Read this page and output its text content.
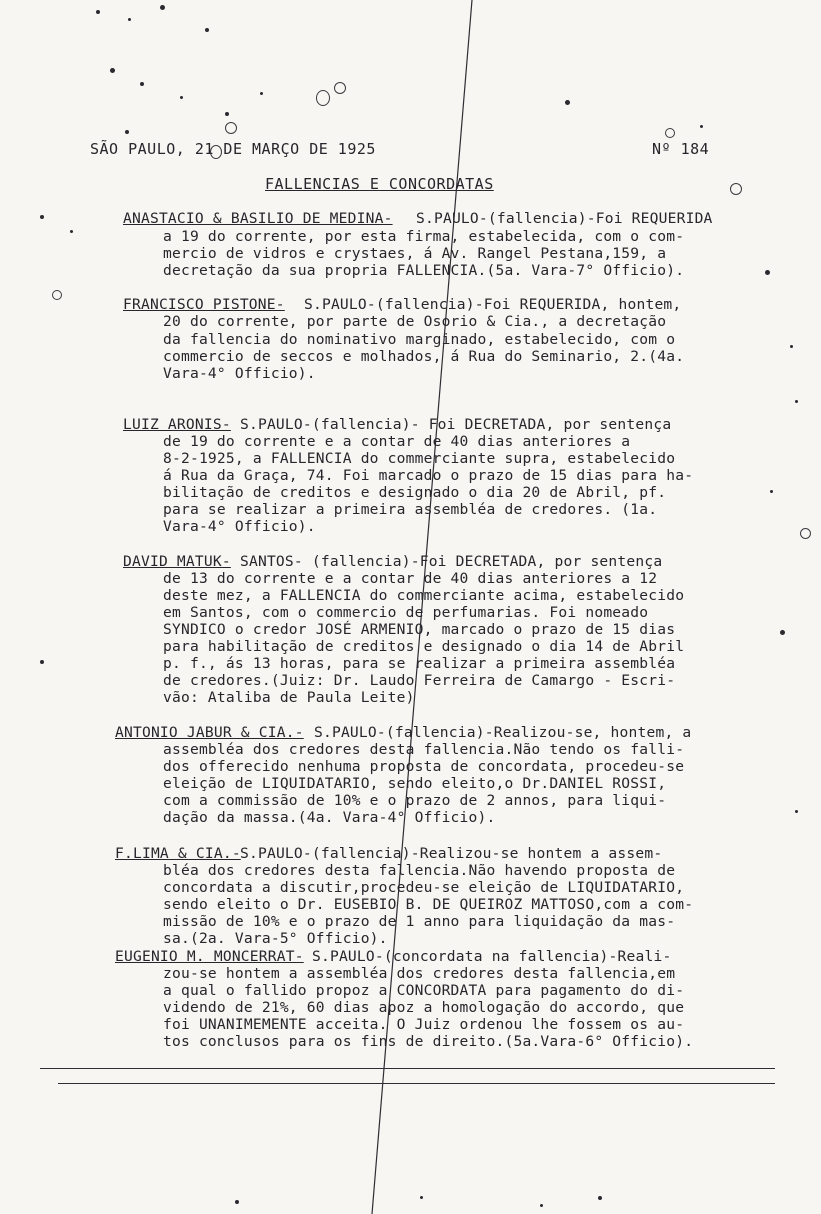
SÃO PAULO, 21 DE MARÇO DE 1925	Nº 184
FALLENCIAS E CONCORDATAS
ANASTACIO & BASILIO DE MEDINA- S.PAULO-(fallencia)-Foi REQUERIDA
a 19 do corrente, por esta firma, estabelecida, com o com-
mercio de vidros e crystaes, á Av. Rangel Pestana,159, a
decretação da sua propria FALLENCIA.(5a. Vara-7° Officio).
FRANCISCO PISTONE- S.PAULO-(fallencia)-Foi REQUERIDA, hontem,
20 do corrente, por parte de Osorio & Cia., a decretação
da fallencia do nominativo marginado, estabelecido, com o
commercio de seccos e molhados, á Rua do Seminario, 2.(4a.
Vara-4° Officio).
LUIZ ARONIS- S.PAULO-(fallencia)- Foi DECRETADA, por sentença
de 19 do corrente e a contar de 40 dias anteriores a
8-2-1925, a FALLENCIA do commerciante supra, estabelecido
á Rua da Graça, 74. Foi marcado o prazo de 15 dias para ha-
bilitação de creditos e designado o dia 20 de Abril, pf.
para se realizar a primeira assembléa de credores. (1a.
Vara-4° Officio).
DAVID MATUK- SANTOS- (fallencia)-Foi DECRETADA, por sentença
de 13 do corrente e a contar de 40 dias anteriores a 12
deste mez, a FALLENCIA do commerciante acima, estabelecido
em Santos, com o commercio de perfumarias. Foi nomeado
SYNDICO o credor JOSÉ ARMENIO, marcado o prazo de 15 dias
para habilitação de creditos e designado o dia 14 de Abril
p. f., ás 13 horas, para se realizar a primeira assembléa
de credores.(Juiz: Dr. Laudo Ferreira de Camargo - Escri-
vão: Ataliba de Paula Leite)
ANTONIO JABUR & CIA.- S.PAULO-(fallencia)-Realizou-se, hontem, a
assembléa dos credores desta fallencia.Não tendo os falli-
dos offerecido nenhuma proposta de concordata, procedeu-se
eleição de LIQUIDATARIO, sendo eleito,o Dr.DANIEL ROSSI,
com a commissão de 10% e o prazo de 2 annos, para liqui-
dação da massa.(4a. Vara-4° Officio).
F.LIMA & CIA.- S.PAULO-(fallencia)-Realizou-se hontem a assem-
bléa dos credores desta fallencia.Não havendo proposta de
concordata a discutir,procedeu-se eleição de LIQUIDATARIO,
sendo eleito o Dr. EUSEBIO B. DE QUEIROZ MATTOSO,com a com-
missão de 10% e o prazo de 1 anno para liquidação da mas-
sa.(2a. Vara-5° Officio).
EUGENIO M. MONCERRAT- S.PAULO-(concordata na fallencia)-Reali-
zou-se hontem a assembléa dos credores desta fallencia,em
a qual o fallido propoz a CONCORDATA para pagamento do di-
videndo de 21%, 60 dias apoz a homologação do accordo, que
foi UNANIMEMENTE acceita. O Juiz ordenou lhe fossem os au-
tos conclusos para os fins de direito.(5a.Vara-6° Officio).
